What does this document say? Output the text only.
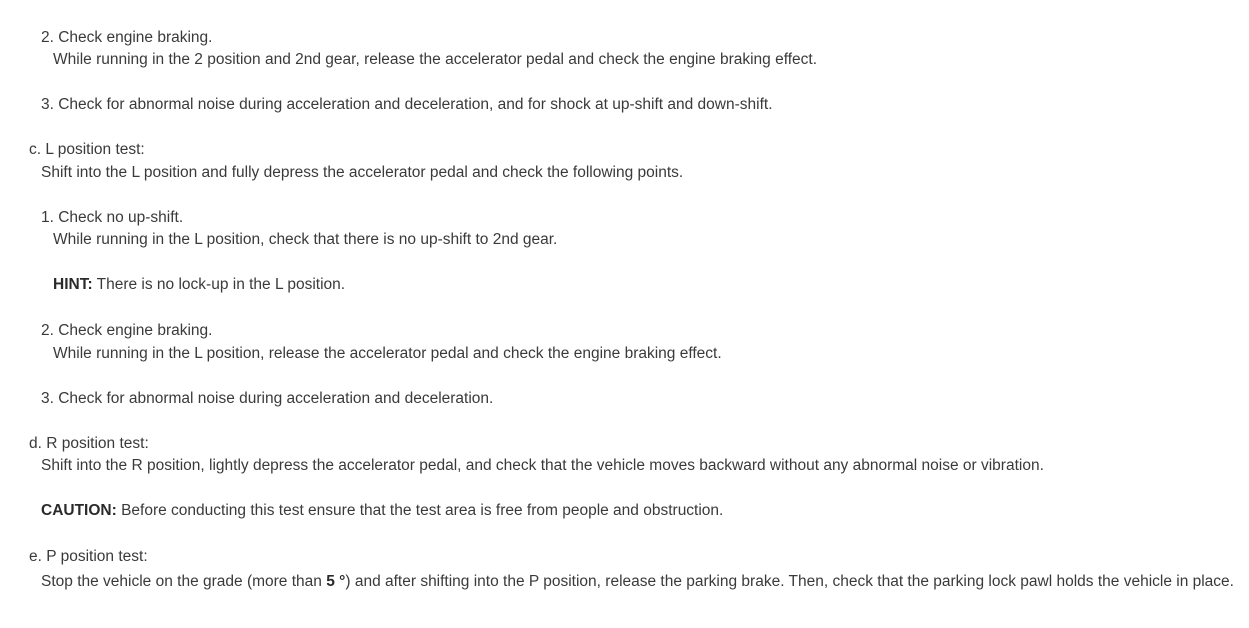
2. Check engine braking.
While running in the 2 position and 2nd gear, release the accelerator pedal and check the engine braking effect.
3. Check for abnormal noise during acceleration and deceleration, and for shock at up-shift and down-shift.
c. L position test:
Shift into the L position and fully depress the accelerator pedal and check the following points.
1. Check no up-shift.
While running in the L position, check that there is no up-shift to 2nd gear.
HINT: There is no lock-up in the L position.
2. Check engine braking.
While running in the L position, release the accelerator pedal and check the engine braking effect.
3. Check for abnormal noise during acceleration and deceleration.
d. R position test:
Shift into the R position, lightly depress the accelerator pedal, and check that the vehicle moves backward without any abnormal noise or vibration.
CAUTION: Before conducting this test ensure that the test area is free from people and obstruction.
e. P position test:
Stop the vehicle on the grade (more than 5 °) and after shifting into the P position, release the parking brake. Then, check that the parking lock pawl holds the vehicle in place.
